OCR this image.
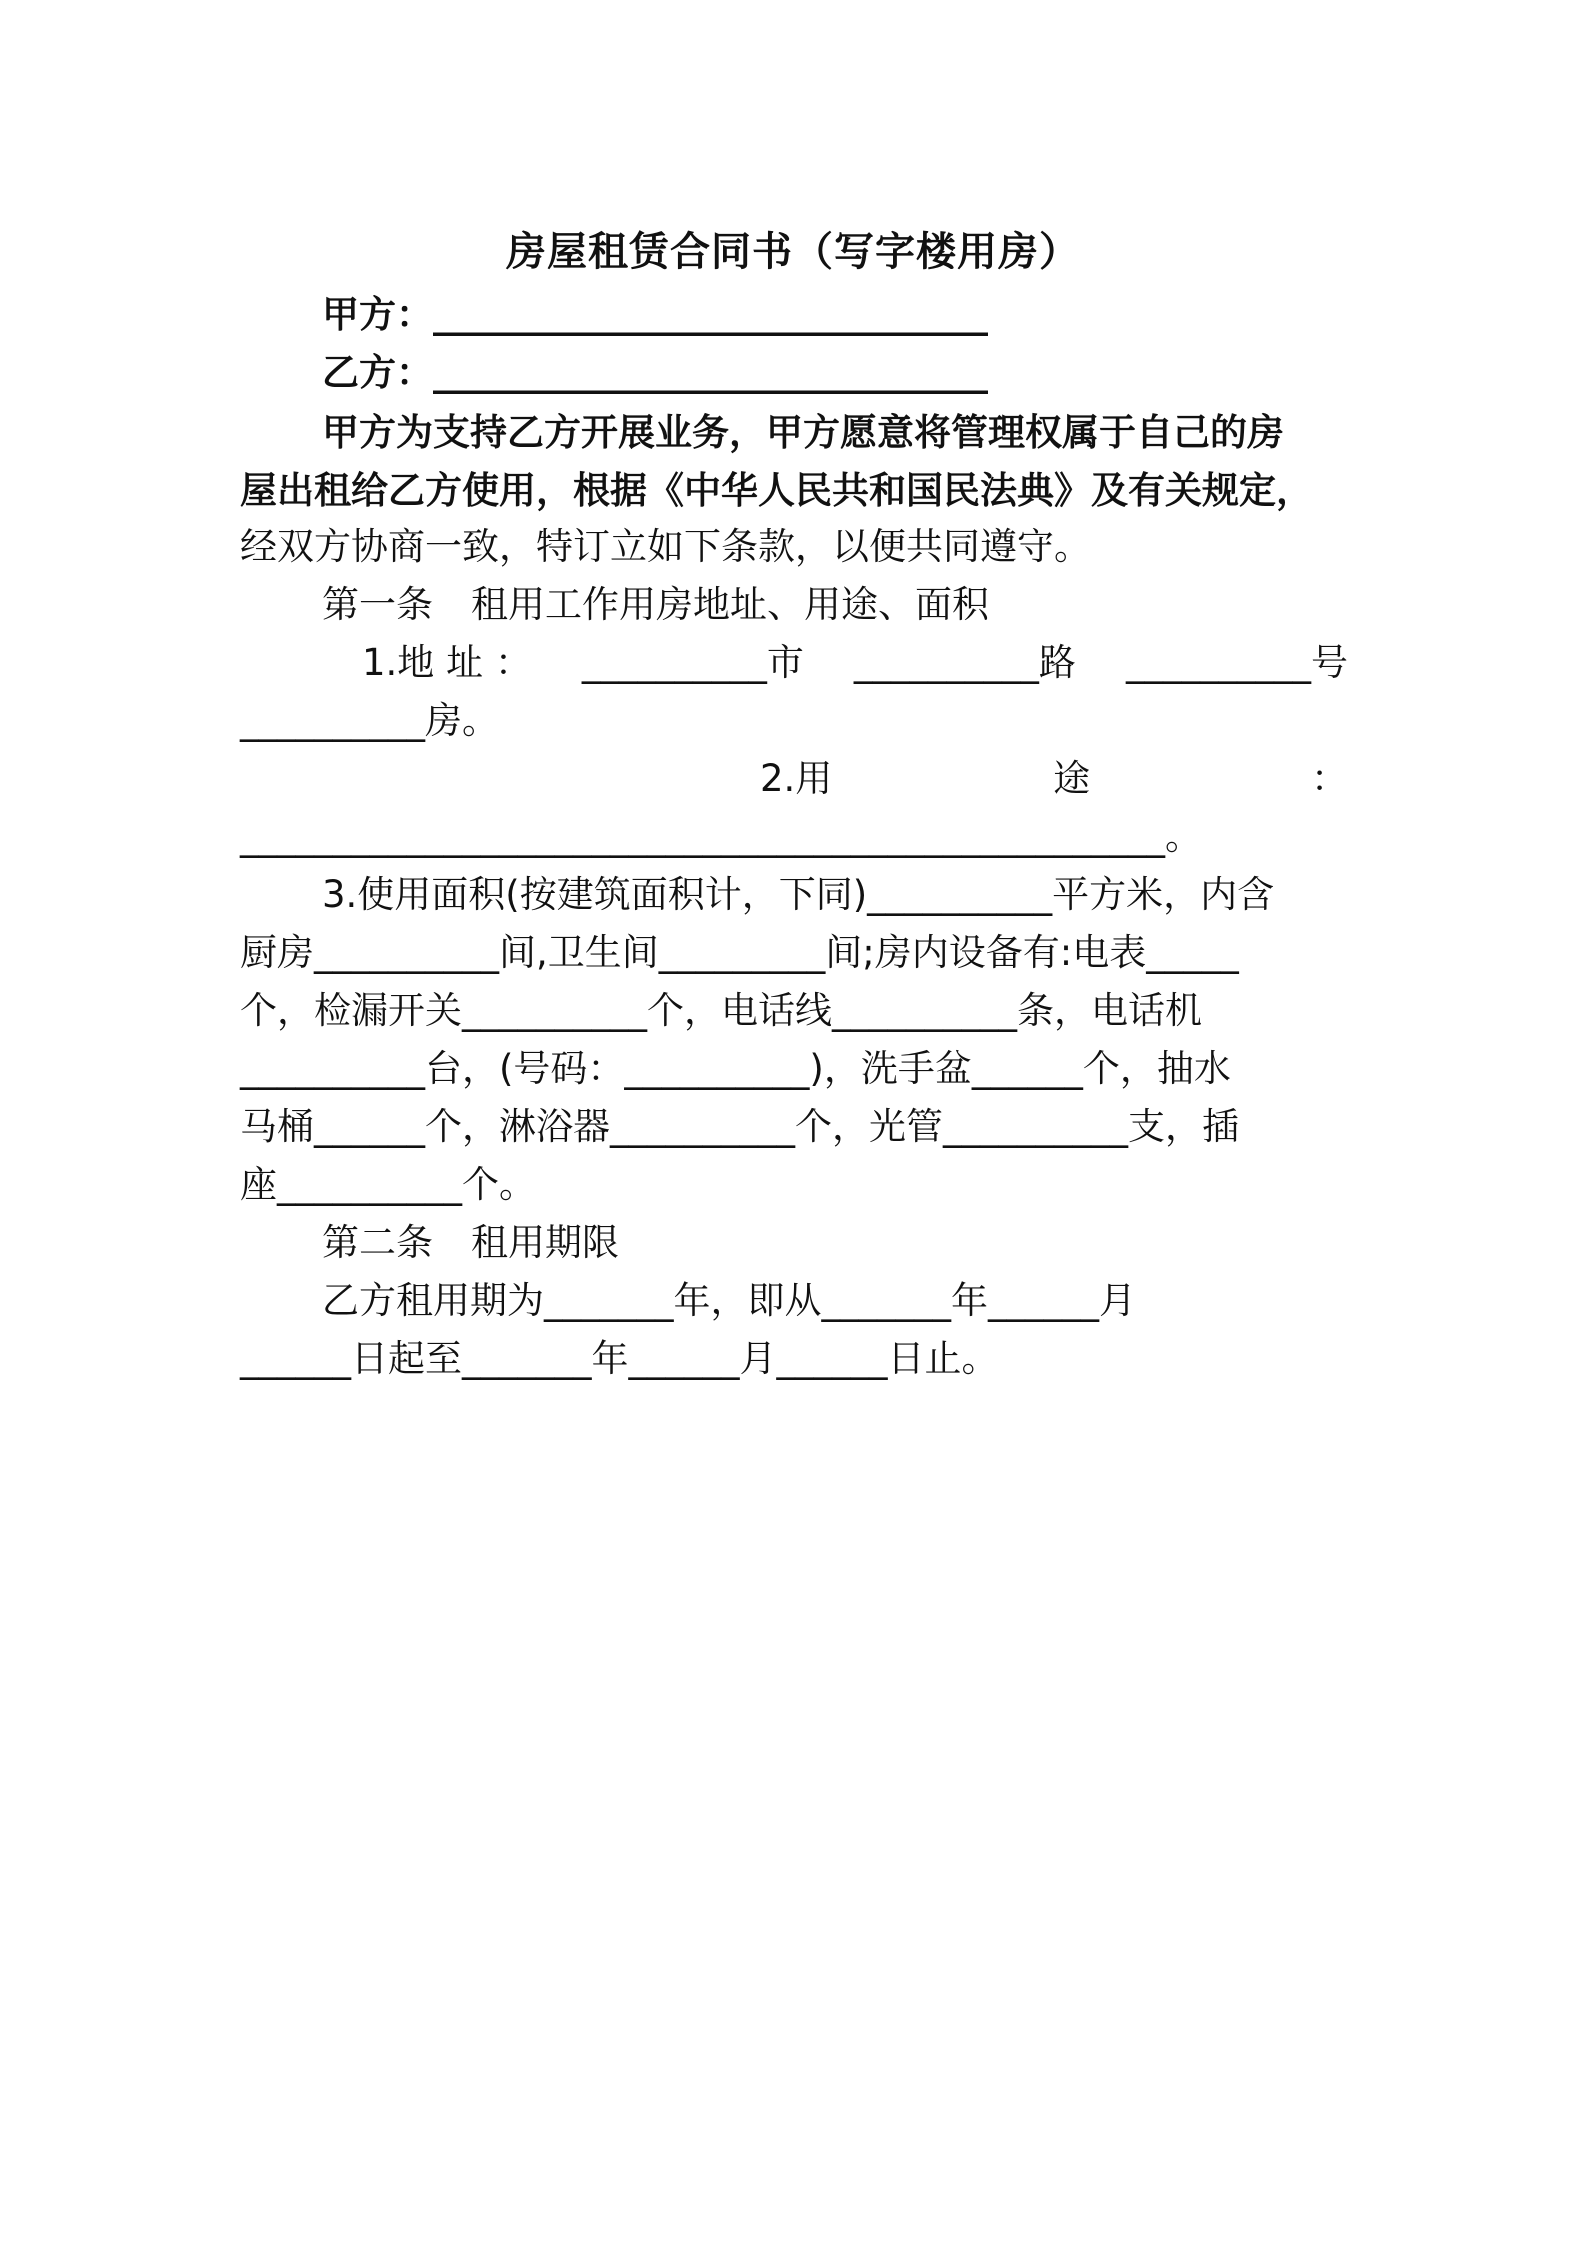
房屋租赁合同书（写字楼用房）
甲方：______________________________
乙方：______________________________
甲方为支持乙方开展业务，甲方愿意将管理权属于自己的房
屋出租给乙方使用，根据《中华人民共和国民法典》及有关规定，
经双方协商一致，特订立如下条款，以便共同遵守。
第一条 租用工作用房地址、用途、面积
1.地 址 ： __________市 __________路 __________号
__________房。
2.用	途	：
__________________________________________________。
3.使用面积(按建筑面积计，下同)__________平方米，内含
厨房__________间,卫生间_________间;房内设备有:电表_____
个，检漏开关__________个，电话线__________条，电话机
__________台，(号码：__________)，洗手盆______个，抽水
马桶______个，淋浴器__________个，光管__________支，插
座__________个。
第二条 租用期限
乙方租用期为_______年，即从_______年______月
______日起至_______年______月______日止。
